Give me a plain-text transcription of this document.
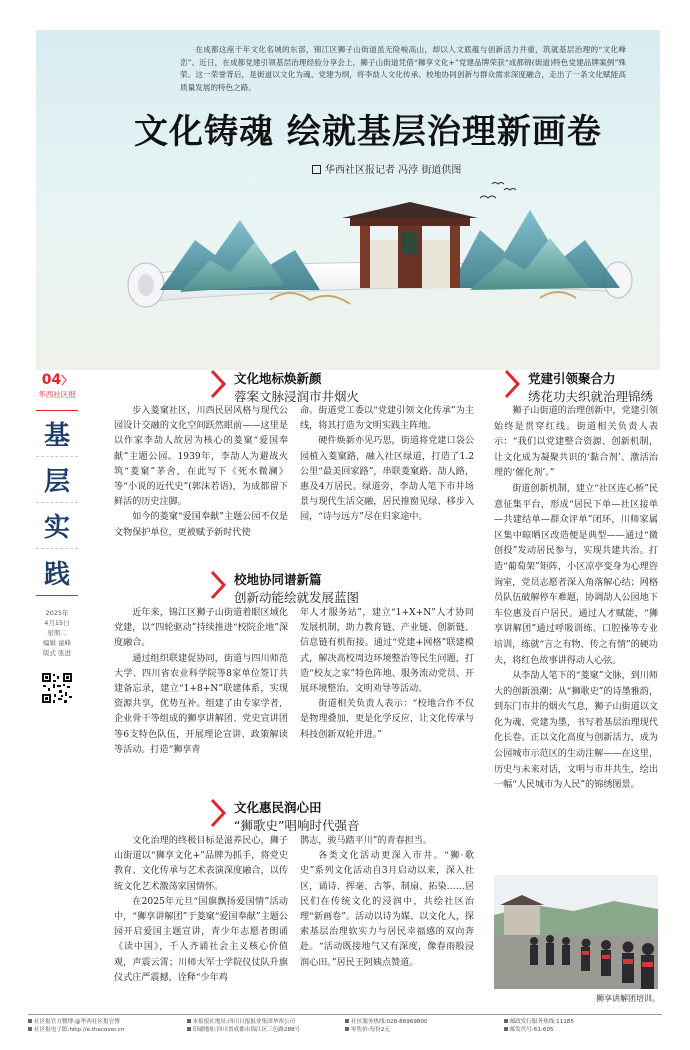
在成都这座千年文化名城的东部，锦江区狮子山街道虽无险峻高山，却以人文底蕴与创新活力并重，筑就基层治理的“文化峰峦”。近日，在成都党建引领基层治理经验分享会上，狮子山街道凭借“狮享文化+”党建品牌荣获“成都锦(街道)特色党建品牌案例”殊荣。这一荣誉背后，是街道以文化为魂、党建为纲，将李劼人文化传承、校地协同创新与群众需求深度融合，走出了一条文化赋能高质量发展的特色之路。
文化铸魂 绘就基层治理新画卷
华西社区报记者 冯浡 街道供图
04〉
华西社区报
基
层
实
践
2025年
4月15日
星期二
编辑 童峰
版式 张进
文化地标焕新颜
蓉案文脉浸润市井烟火

步入菱窠社区，川西民居风格与现代公园设计交融的文化空间跃然眼前——这里是以作家李劼人故居为核心的菱窠“爱国奉献”主题公园。1939年，李劼人为避战火筑“菱窠”茅舍，在此写下《死水微澜》等“小说的近代史”(郭沫若语)，为成都留下鲜活的历史注脚。

如今的菱窠“爱国奉献”主题公园不仅是文物保护单位，更被赋予新时代使

命。街道党工委以“党建引领文化传承”为主线，将其打造为文明实践主阵地。

硬件焕新亦见巧思，街道将党建口袋公园植入菱窠路，融入社区绿道，打造了1.2公里“最美回家路”，串联菱窠路、劼人路，惠及4万居民。绿道旁，李劼人笔下市井场景与现代生活交融，居民推窗见绿、移步入园，“诗与远方”尽在归家途中。

校地协同谱新篇
创新动能绘就发展蓝图

近年来，锦江区狮子山街道着眼区域化党建，以“四轮驱动”持续推进“校院企地”深度融合。

通过组织联建促协同，街道与四川师范大学、四川省农业科学院等8家单位签订共建备忘录，建立“1+8+N”联建体系，实现资源共享，优势互补。组建了由专家学者，企业骨干等组成的狮享讲解团、党史宣讲团等6支特色队伍，开展理论宣讲、政策解读等活动。打造“狮享青

年人才服务站”，建立“1+X+N”人才协同发展机制，助力教育链、产业链、创新链、信息链有机衔接。通过“党建+网格”联建模式，解决高校周边环境整治等民生问题，打造“校友之家”特色阵地、服务流动党员、开展环境整治、文明劝导等活动。

街道相关负责人表示：“校地合作不仅是物理叠加，更是化学反应，让文化传承与科技创新双轮并进。”

文化惠民润心田
“狮歌史”唱响时代强音

文化治理的终极目标是滋养民心，狮子山街道以“狮享文化+”品牌为抓手，将党史教育、文化传承与艺术表演深度融合，以传统文化艺术激荡家国情怀。

在2025年元旦“国旗飘扬爱国情”活动中，“狮享讲解团”于菱窠“爱国奉献”主题公园开启爱国主题宣讲，青少年志愿者朗诵《读中国》，千人齐诵社会主义核心价值观，声震云霄；川师大军士学院仪仗队升旗仪式庄严震撼，诠释“少年鸡

鹊志，骏马踏平川”的青春担当。

各类文化活动更深入市井。“狮·歌史”系列文化活动自3月启动以来，深入社区，诵诗、挥毫、古筝、制扇、拓染……居民们在传统文化的浸润中，共绘社区治理“新画卷”。活动以诗为媒、以文化人，探索基层治理软实力与居民幸福感的双向奔赴。“活动既接地气又有深度，像春雨般浸润心田。”居民王阿姨点赞道。

党建引领聚合力
绣花功夫织就治理锦绣

狮子山街道的治理创新中，党建引领始终是贯穿红线。街道相关负责人表示：“我们以党建整合资源、创新机制，让文化成为凝聚共识的‘黏合剂’、激活治理的‘催化剂’。”

街道创新机制，建立“社区连心桥”民意征集平台，形成“居民下单—社区接单—共建结单—群众评单”闭环，川师家属区集中晾晒区改造便是典型——通过“微创投”发动居民参与，实现共建共治。打造“葡萄架”矩阵，小区凉亭变身为心理咨询室，党员志愿者深入角落解心结；网格员队伍破解停车难题，协调劼人公园地下车位惠及百户居民。通过人才赋能，“狮享讲解团”通过呼吸训练、口腔操等专业培训，练就“言之有物、传之有情”的硬功夫，将红色故事讲得动人心弦。

从李劼人笔下的“菱窠”文脉，到川师大的创新浪潮；从“狮歌史”的诗墨雅韵，到东门市井的烟火气息，狮子山街道以文化为魂、党建为墨，书写着基层治理现代化长卷。正以文化高度与创新活力，成为公园城市示范区的生动注解——在这里，历史与未来对话，文明与市井共生，绘出一幅“人民城市为人民”的锦绣图景。

狮享讲解团培训。
社区报官方微博:@华西社区报官博
社区报电子版:http://e.thecover.cn
本报报社地址:四川日报报业集团华西公司
印刷地址:四川省成都市锦江区三色路288号
社区服务热线:028-86969800
零售价:每份2元
邮政发行服务热线:11185
邮发代号:61-605
